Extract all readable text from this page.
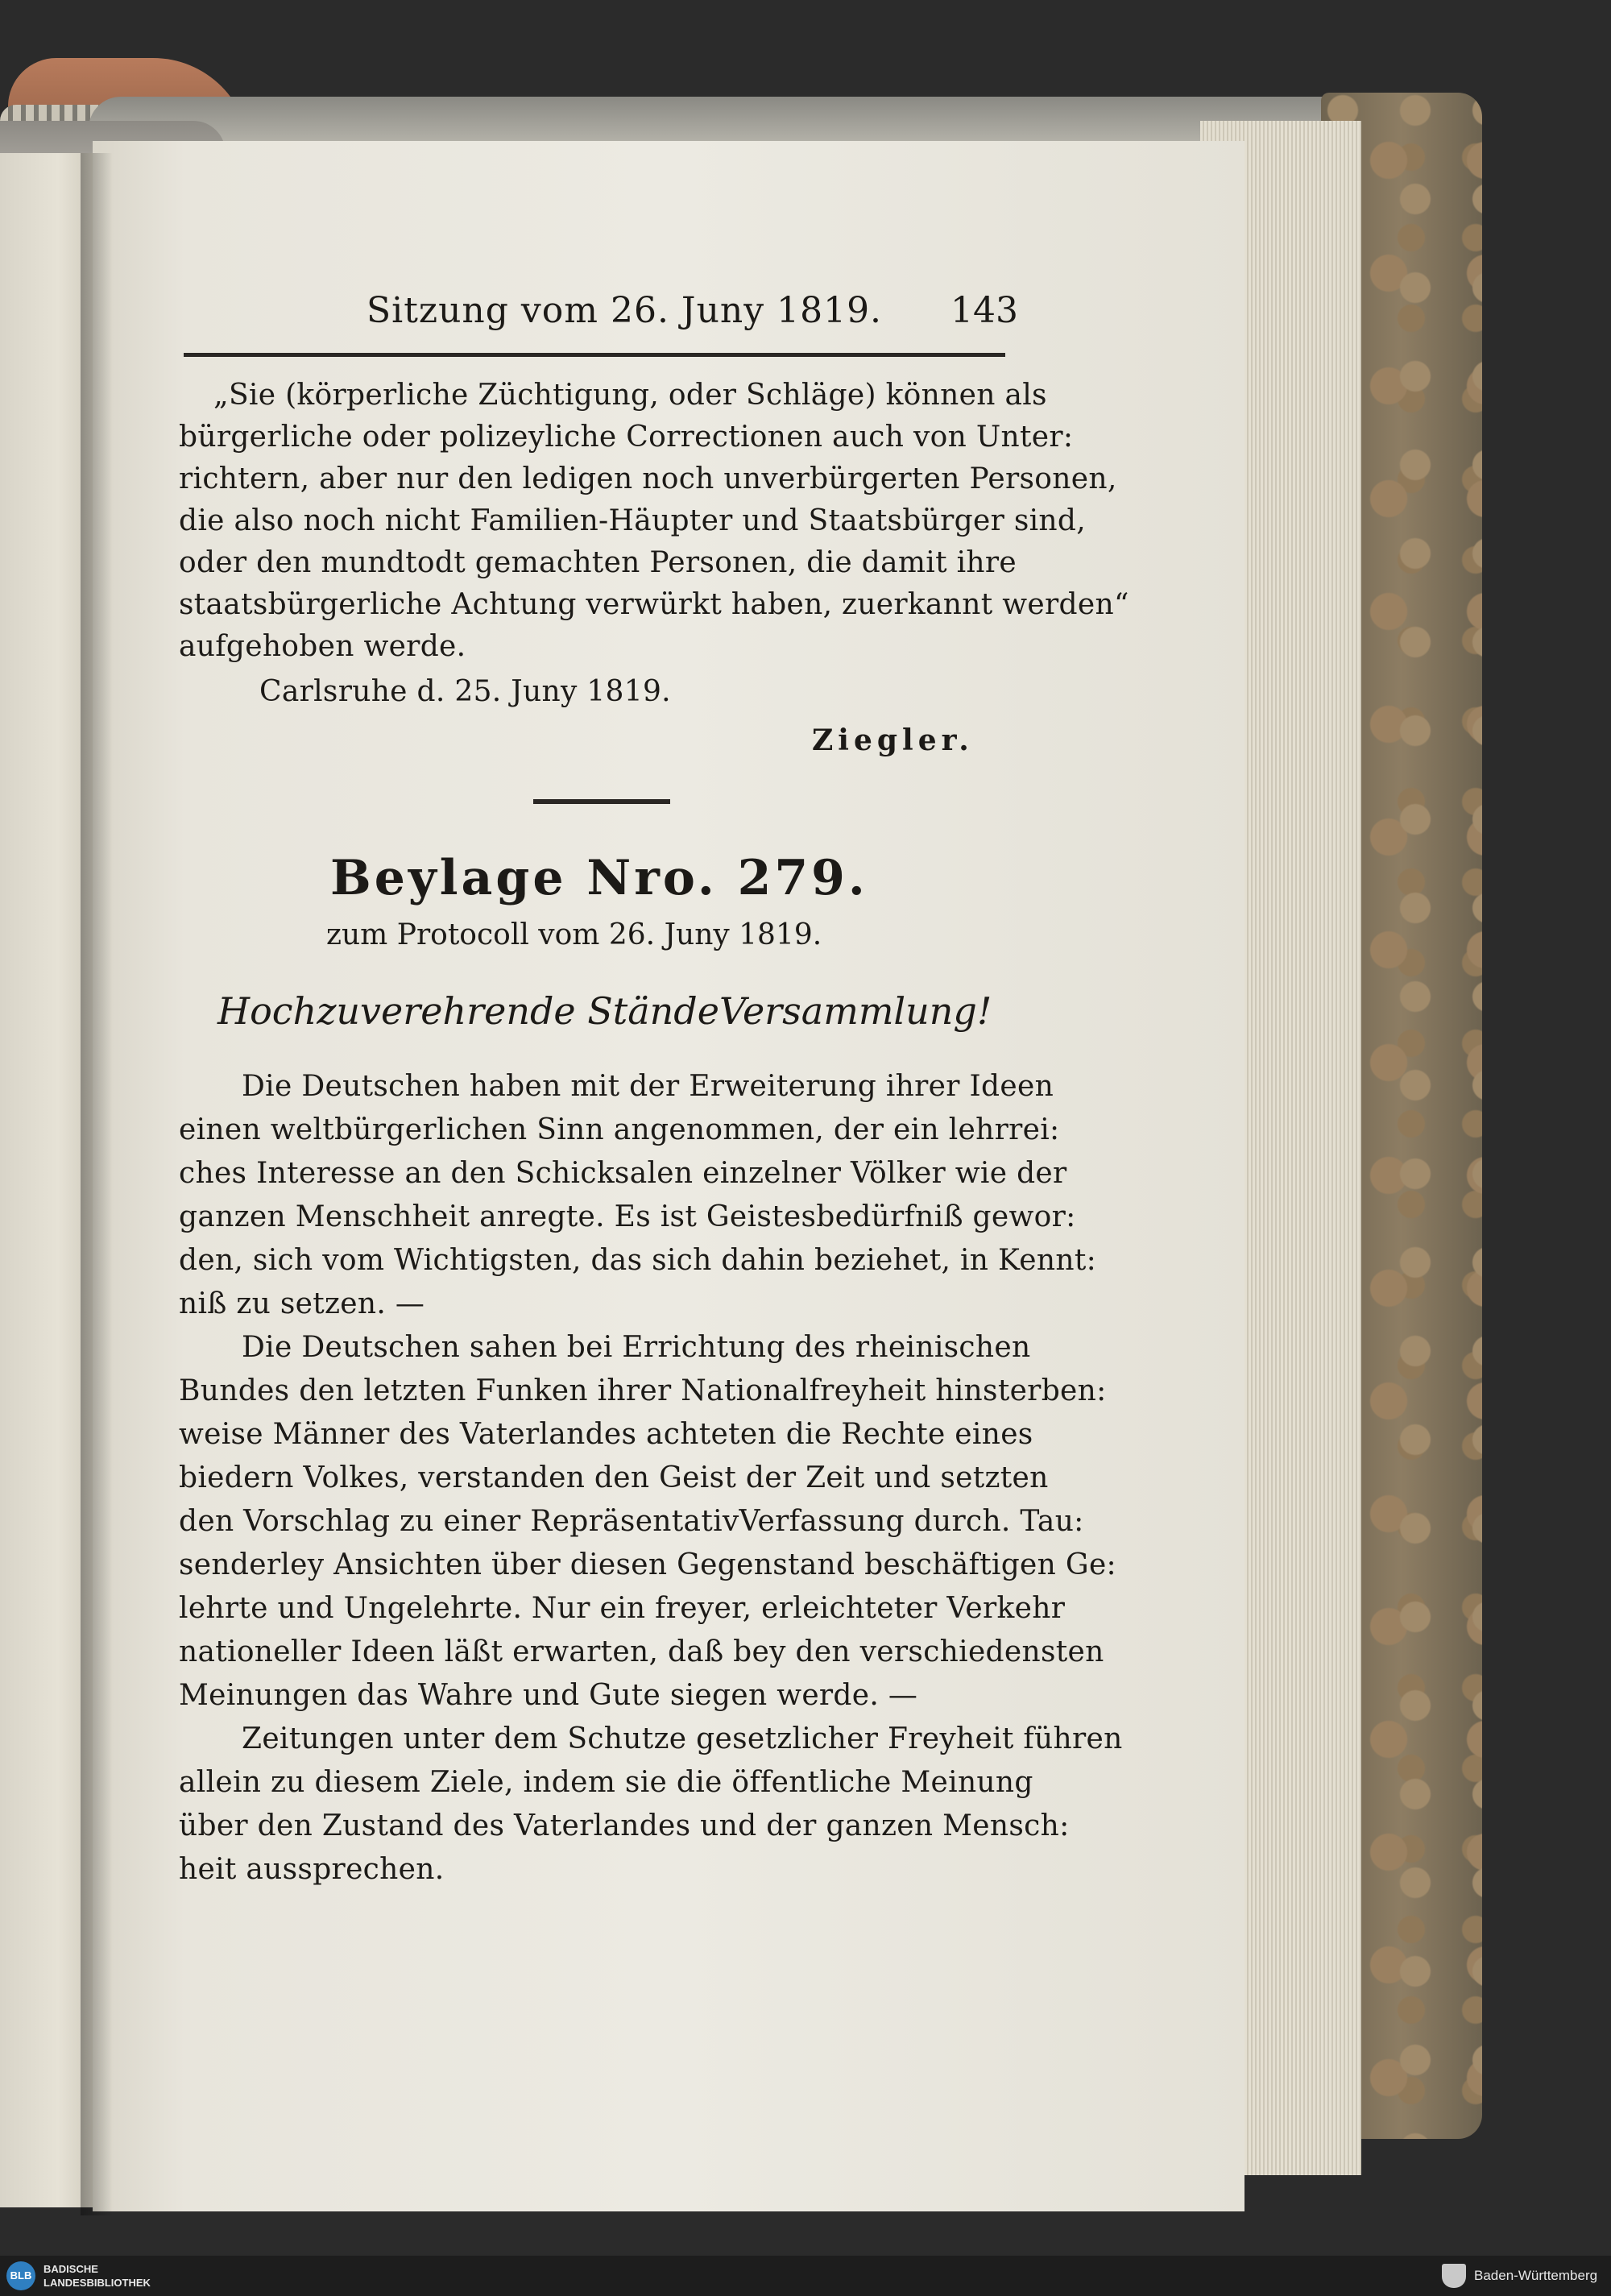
Sitzung vom 26. Juny 1819. 143
„Sie (körperliche Züchtigung, oder Schläge) können als
bürgerliche oder polizeyliche Correctionen auch von Unter:
richtern, aber nur den ledigen noch unverbürgerten Personen,
die also noch nicht Familien-Häupter und Staatsbürger sind,
oder den mundtodt gemachten Personen, die damit ihre
staatsbürgerliche Achtung verwürkt haben, zuerkannt werden“
aufgehoben werde.
Carlsruhe d. 25. Juny 1819.
Ziegler.
Beylage Nro. 279.
zum Protocoll vom 26. Juny 1819.
Hochzuverehrende StändeVersammlung!
Die Deutschen haben mit der Erweiterung ihrer Ideen
einen weltbürgerlichen Sinn angenommen, der ein lehrrei:
ches Interesse an den Schicksalen einzelner Völker wie der
ganzen Menschheit anregte. Es ist Geistesbedürfniß gewor:
den, sich vom Wichtigsten, das sich dahin beziehet, in Kennt:
niß zu setzen. —
Die Deutschen sahen bei Errichtung des rheinischen
Bundes den letzten Funken ihrer Nationalfreyheit hinsterben:
weise Männer des Vaterlandes achteten die Rechte eines
biedern Volkes, verstanden den Geist der Zeit und setzten
den Vorschlag zu einer RepräsentativVerfassung durch. Tau:
senderley Ansichten über diesen Gegenstand beschäftigen Ge:
lehrte und Ungelehrte. Nur ein freyer, erleichteter Verkehr
nationeller Ideen läßt erwarten, daß bey den verschiedensten
Meinungen das Wahre und Gute siegen werde. —
Zeitungen unter dem Schutze gesetzlicher Freyheit führen
allein zu diesem Ziele, indem sie die öffentliche Meinung
über den Zustand des Vaterlandes und der ganzen Mensch:
heit aussprechen.
BLB
BADISCHE
LANDESBIBLIOTHEK	Baden-Württemberg
